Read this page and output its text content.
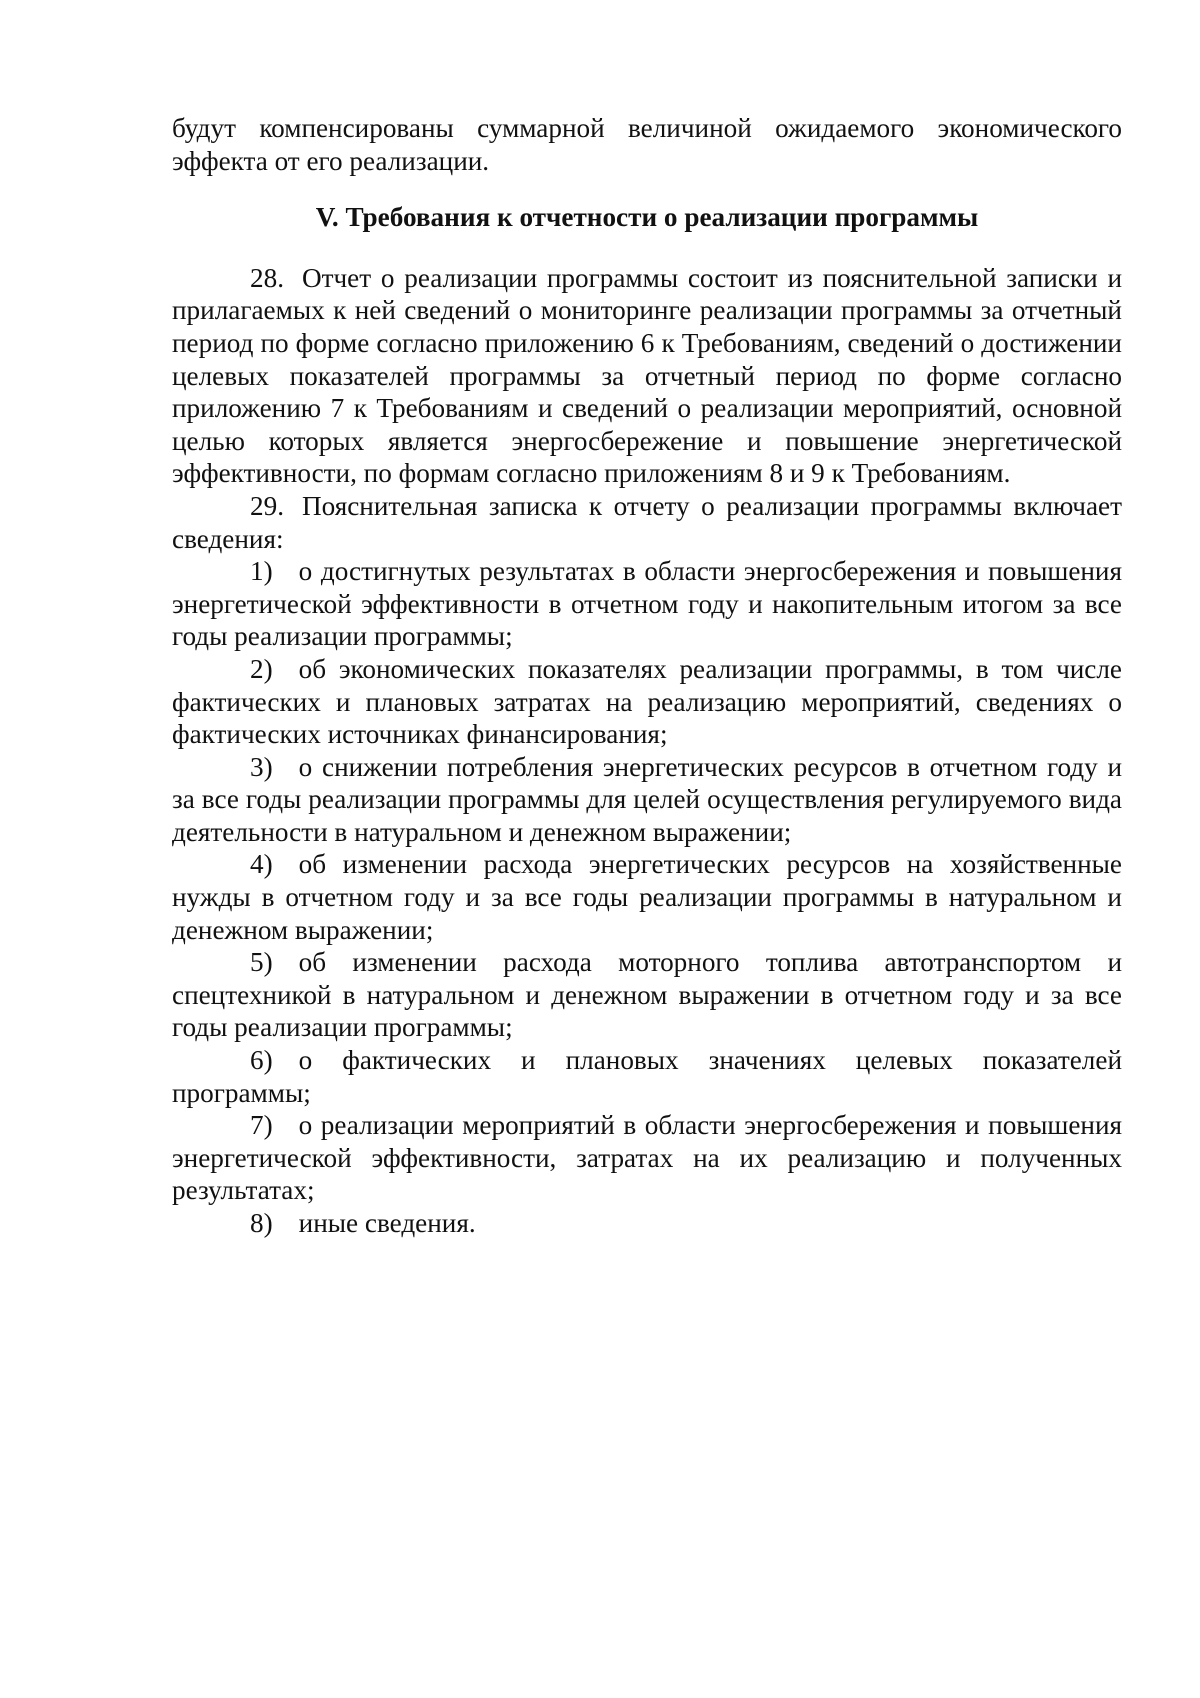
будут компенсированы суммарной величиной ожидаемого экономического эффекта от его реализации.

V. Требования к отчетности о реализации программы

28. Отчет о реализации программы состоит из пояснительной записки и прилагаемых к ней сведений о мониторинге реализации программы за отчетный период по форме согласно приложению 6 к Требованиям, сведений о достижении целевых показателей программы за отчетный период по форме согласно приложению 7 к Требованиям и сведений о реализации мероприятий, основной целью которых является энергосбережение и повышение энергетической эффективности, по формам согласно приложениям 8 и 9 к Требованиям.

29. Пояснительная записка к отчету о реализации программы включает сведения:

1) о достигнутых результатах в области энергосбережения и повышения энергетической эффективности в отчетном году и накопительным итогом за все годы реализации программы;

2) об экономических показателях реализации программы, в том числе фактических и плановых затратах на реализацию мероприятий, сведениях о фактических источниках финансирования;

3) о снижении потребления энергетических ресурсов в отчетном году и за все годы реализации программы для целей осуществления регулируемого вида деятельности в натуральном и денежном выражении;

4) об изменении расхода энергетических ресурсов на хозяйственные нужды в отчетном году и за все годы реализации программы в натуральном и денежном выражении;

5) об изменении расхода моторного топлива автотранспортом и спецтехникой в натуральном и денежном выражении в отчетном году и за все годы реализации программы;

6) о фактических и плановых значениях целевых показателей программы;

7) о реализации мероприятий в области энергосбережения и повышения энергетической эффективности, затратах на их реализацию и полученных результатах;

8) иные сведения.
